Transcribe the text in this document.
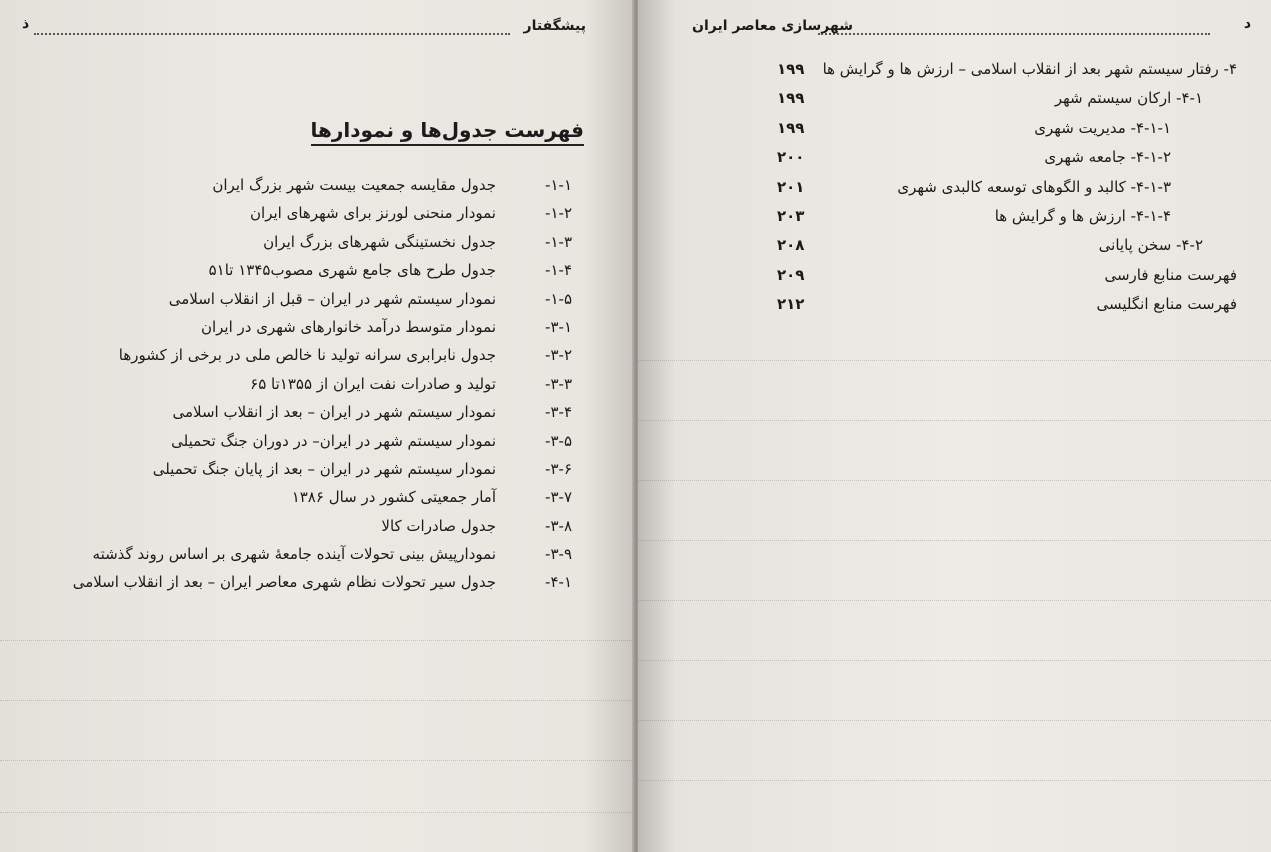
ذ	پیشگفتار
فهرست جدول‌ها و نمودارها
۱-۱-
جدول مقایسه جمعیت بیست شهر بزرگ ایران
۱-۲-
نمودار منحنی لورنز برای شهرهای ایران
۱-۳-
جدول نخستینگی شهرهای بزرگ ایران
۱-۴-
جدول طرح های جامع شهری مصوب۱۳۴۵ تا۵۱
۱-۵-
نمودار سیستم شهر در ایران – قبل از انقلاب اسلامی
۳-۱-
نمودار متوسط درآمد خانوارهای شهری در ایران
۳-۲-
جدول نابرابری سرانه تولید نا خالص ملی در برخی از کشورها
۳-۳-
تولید و صادرات نفت ایران از ۱۳۵۵تا ۶۵
۳-۴-
نمودار سیستم شهر در ایران – بعد از انقلاب اسلامی
۳-۵-
نمودار سیستم شهر در ایران– در دوران جنگ تحمیلی
۳-۶-
نمودار سیستم شهر در ایران – بعد از پایان جنگ تحمیلی
۳-۷-
آمار جمعیتی کشور در سال ۱۳۸۶
۳-۸-
جدول صادرات کالا
۳-۹-
نمودارپیش بینی تحولات آینده جامعهٔ شهری بر اساس روند گذشته
۴-۱-
جدول سیر تحولات نظام شهری معاصر ایران – بعد از انقلاب اسلامی
د
شهرسازی معاصر ایران
۴- رفتار سیستم شهر بعد از انقلاب اسلامی – ارزش ها و گرایش ها
۱۹۹
۴-۱- ارکان سیستم شهر
۱۹۹
۴-۱-۱- مدیریت شهری
۱۹۹
۴-۱-۲- جامعه شهری
۲۰۰
۴-۱-۳- کالبد و الگوهای توسعه کالبدی شهری
۲۰۱
۴-۱-۴- ارزش ها و گرایش ها
۲۰۳
۴-۲- سخن پایانی
۲۰۸
فهرست منابع فارسی
۲۰۹
فهرست منابع انگلیسی
۲۱۲
